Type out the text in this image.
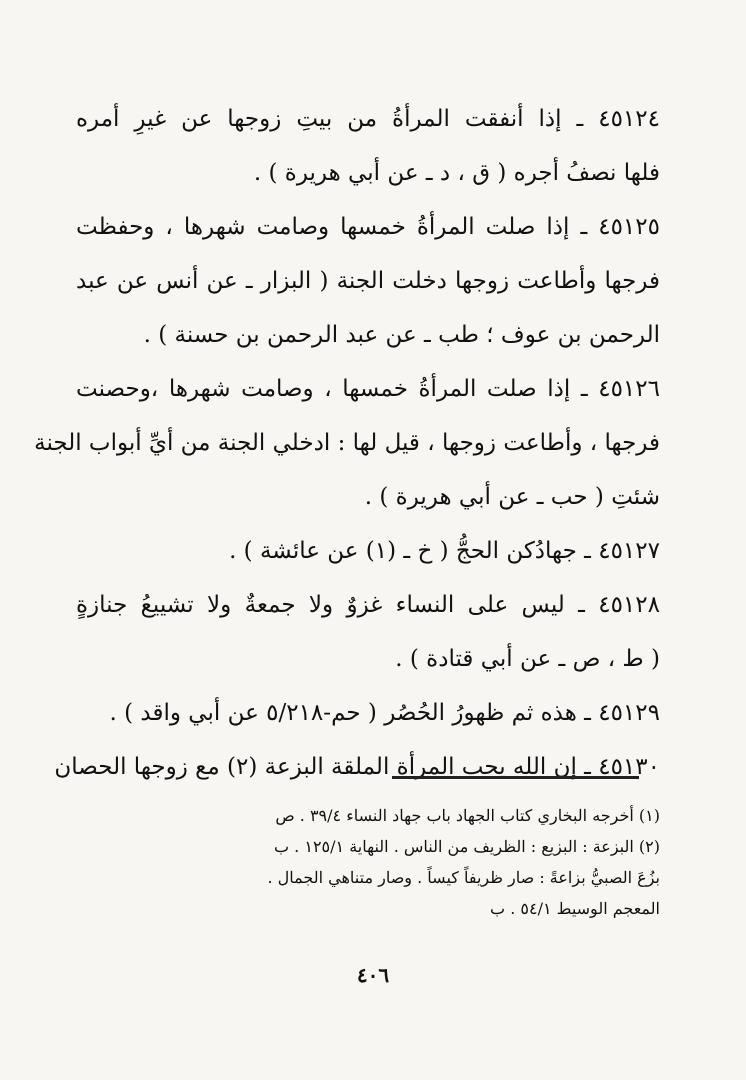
٤٥١٢٤ ـ إذا أنفقت المرأةُ من بيتِ زوجها عن غيرِ أمره
فلها نصفُ أجره ( ق ، د ـ عن أبي هريرة ) .
٤٥١٢٥ ـ إذا صلت المرأةُ خمسها وصامت شهرها ، وحفظت
فرجها وأطاعت زوجها دخلت الجنة ( البزار ـ عن أنس عن عبد
الرحمن بن عوف ؛ طب ـ عن عبد الرحمن بن حسنة ) .
٤٥١٢٦ ـ إذا صلت المرأةُ خمسها ، وصامت شهرها ،وحصنت
فرجها ، وأطاعت زوجها ، قيل لها : ادخلي الجنة من أيِّ أبواب الجنة
شئتِ ( حب ـ عن أبي هريرة ) .
٤٥١٢٧ ـ جهادُكن الحجُّ ( خ ـ (١) عن عائشة ) .
٤٥١٢٨ ـ ليس على النساء غزوٌ ولا جمعةٌ ولا تشييعُ جنازةٍ
( ط ، ص ـ عن أبي قتادة ) .
٤٥١٢٩ ـ هذه ثم ظهورُ الحُصُر ( حم-٥/٢١٨ عن أبي واقد ) .
٤٥١٣٠ ـ إن الله يحب المرأة الملقة البزعة (٢) مع زوجها الحصان
(١) أخرجه البخاري كتاب الجهاد باب جهاد النساء ٣٩/٤ . ص
(٢) البزعة : البزيع : الظريف من الناس . النهاية ١٢٥/١ . ب
بزُعَ الصبيُّ بزاعةً : صار ظريفاً كيساً . وصار متناهي الجمال .
المعجم الوسيط ٥٤/١ . ب
٤٠٦
